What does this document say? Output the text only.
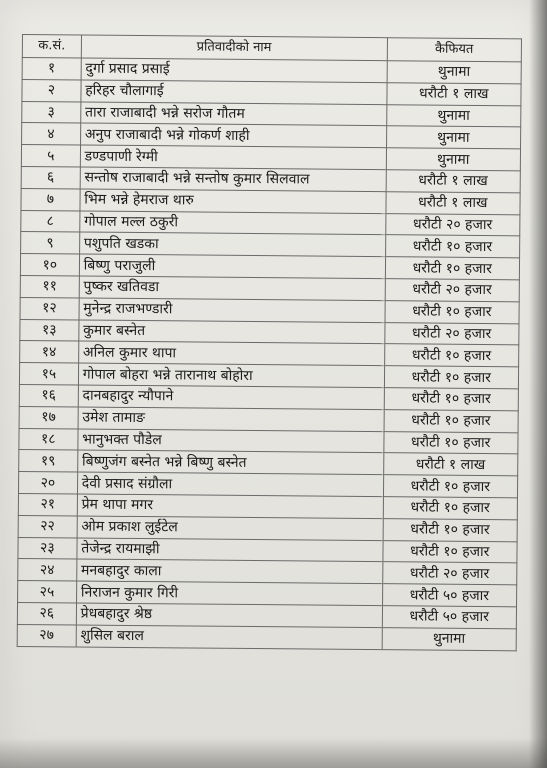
क.सं.	प्रतिवादीको नाम	कैफियत
१	दुर्गा प्रसाद प्रसाई	थुनामा
२	हरिहर चौलागाई	धरौटी १ लाख
३	तारा राजाबादी भन्ने सरोज गौतम	थुनामा
४	अनुप राजाबादी भन्ने गोकर्ण शाही	थुनामा
५	डण्डपाणी रेग्मी	थुनामा
६	सन्तोष राजाबादी भन्ने सन्तोष कुमार सिलवाल	धरौटी १ लाख
७	भिम भन्ने हेमराज थारु	धरौटी १ लाख
८	गोपाल मल्ल ठकुरी	धरौटी २० हजार
९	पशुपति खडका	धरौटी १० हजार
१०	बिष्णु पराजुली	धरौटी १० हजार
११	पुष्कर खतिवडा	धरौटी २० हजार
१२	मुनेन्द्र राजभण्डारी	धरौटी १० हजार
१३	कुमार बस्नेत	धरौटी २० हजार
१४	अनिल कुमार थापा	धरौटी १० हजार
१५	गोपाल बोहरा भन्ने तारानाथ बोहोरा	धरौटी १० हजार
१६	दानबहादुर न्यौपाने	धरौटी १० हजार
१७	उमेश तामाङ	धरौटी १० हजार
१८	भानुभक्त पौडेल	धरौटी १० हजार
१९	बिष्णुजंग बस्नेत भन्ने बिष्णु बस्नेत	धरौटी १ लाख
२०	देवी प्रसाद संग्रौला	धरौटी १० हजार
२१	प्रेम थापा मगर	धरौटी १० हजार
२२	ओम प्रकाश लुईटेल	धरौटी १० हजार
२३	तेजेन्द्र रायमाझी	धरौटी १० हजार
२४	मनबहादुर काला	धरौटी २० हजार
२५	निराजन कुमार गिरी	धरौटी ५० हजार
२६	प्रेधबहादुर श्रेष्ठ	धरौटी ५० हजार
२७	शुसिल बराल	थुनामा
